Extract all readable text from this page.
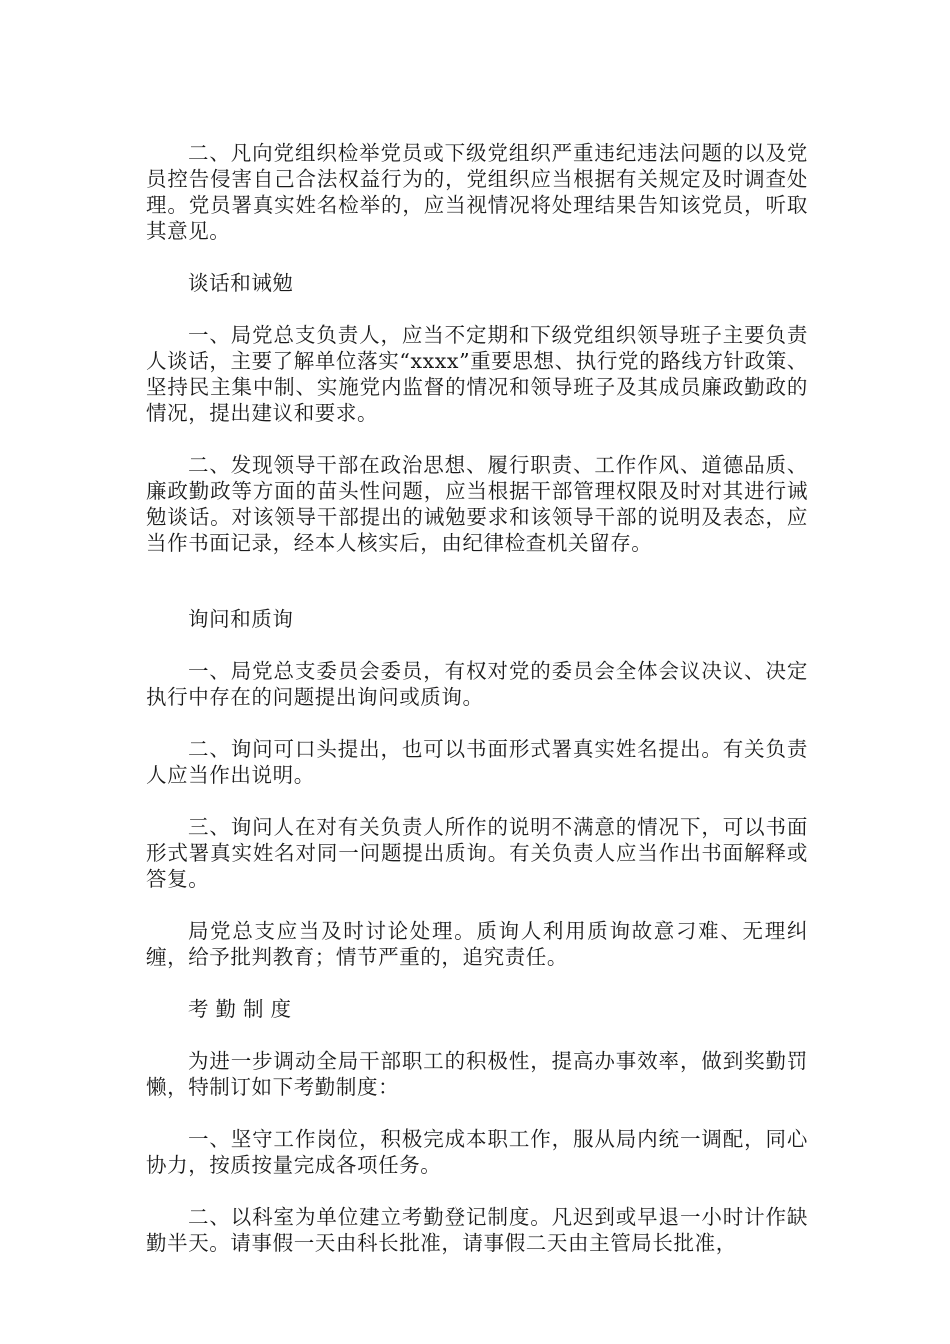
二、凡向党组织检举党员或下级党组织严重违纪违法问题的以及党员控告侵害自己合法权益行为的，党组织应当根据有关规定及时调查处理。党员署真实姓名检举的，应当视情况将处理结果告知该党员，听取其意见。

谈话和诫勉

一、局党总支负责人，应当不定期和下级党组织领导班子主要负责人谈话，主要了解单位落实“xxxx”重要思想、执行党的路线方针政策、坚持民主集中制、实施党内监督的情况和领导班子及其成员廉政勤政的情况，提出建议和要求。

二、发现领导干部在政治思想、履行职责、工作作风、道德品质、廉政勤政等方面的苗头性问题，应当根据干部管理权限及时对其进行诫勉谈话。对该领导干部提出的诫勉要求和该领导干部的说明及表态，应当作书面记录，经本人核实后，由纪律检查机关留存。

询问和质询

一、局党总支委员会委员，有权对党的委员会全体会议决议、决定执行中存在的问题提出询问或质询。

二、询问可口头提出，也可以书面形式署真实姓名提出。有关负责人应当作出说明。

三、询问人在对有关负责人所作的说明不满意的情况下，可以书面形式署真实姓名对同一问题提出质询。有关负责人应当作出书面解释或答复。

局党总支应当及时讨论处理。质询人利用质询故意刁难、无理纠缠，给予批判教育；情节严重的，追究责任。

考勤制度

为进一步调动全局干部职工的积极性，提高办事效率，做到奖勤罚懒，特制订如下考勤制度：

一、坚守工作岗位，积极完成本职工作，服从局内统一调配，同心协力，按质按量完成各项任务。

二、以科室为单位建立考勤登记制度。凡迟到或早退一小时计作缺勤半天。请事假一天由科长批准，请事假二天由主管局长批准，
